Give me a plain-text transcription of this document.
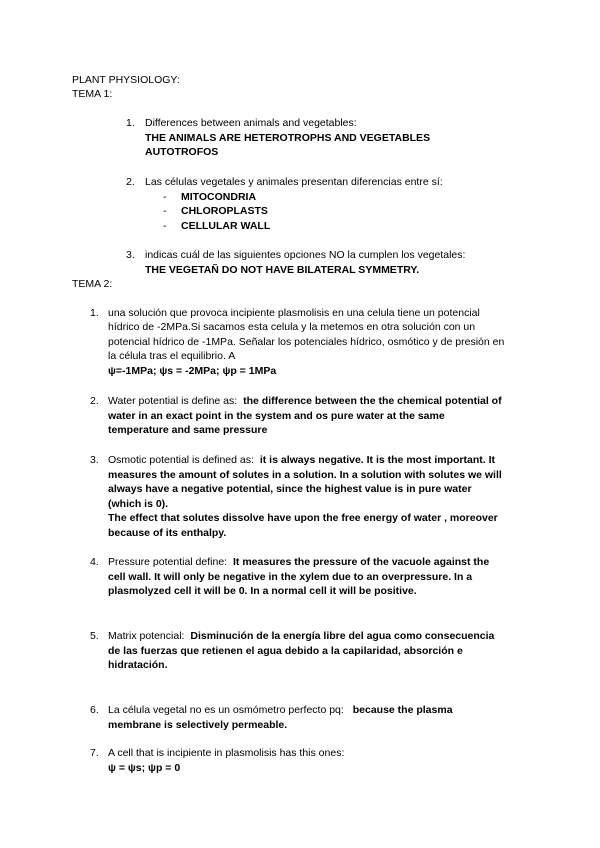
PLANT PHYSIOLOGY:
TEMA 1:
1. Differences between animals and vegetables:
THE ANIMALS ARE HETEROTROPHS AND VEGETABLES
AUTOTROFOS
2. Las células vegetales y animales presentan diferencias entre sí:
- MITOCONDRIA
- CHLOROPLASTS
- CELLULAR WALL
3. indicas cuál de las siguientes opciones NO la cumplen los vegetales:
THE VEGETAÑ DO NOT HAVE BILATERAL SYMMETRY.
TEMA 2:
1. una solución que provoca incipiente plasmolisis en una celula tiene un potencial
hídrico de -2MPa.Si sacamos esta celula y la metemos en otra solución con un
potencial hídrico de -1MPa. Señalar los potenciales hídrico, osmótico y de presión en
la célula tras el equilibrio. A
ψ=-1MPa; ψs = -2MPa; ψp = 1MPa
2. Water potential is define as: the difference between the the chemical potential of
water in an exact point in the system and os pure water at the same
temperature and same pressure
3. Osmotic potential is defined as: it is always negative. It is the most important. It
measures the amount of solutes in a solution. In a solution with solutes we will
always have a negative potential, since the highest value is in pure water
(which is 0).
The effect that solutes dissolve have upon the free energy of water , moreover
because of its enthalpy.
4. Pressure potential define: It measures the pressure of the vacuole against the
cell wall. It will only be negative in the xylem due to an overpressure. In a
plasmolyzed cell it will be 0. In a normal cell it will be positive.
5. Matrix potencial: Disminución de la energía libre del agua como consecuencia
de las fuerzas que retienen el agua debido a la capilaridad, absorción e
hidratación.
6. La célula vegetal no es un osmómetro perfecto pq: because the plasma
membrane is selectively permeable.
7. A cell that is incipiente in plasmolisis has this ones:
ψ = ψs; ψp = 0
